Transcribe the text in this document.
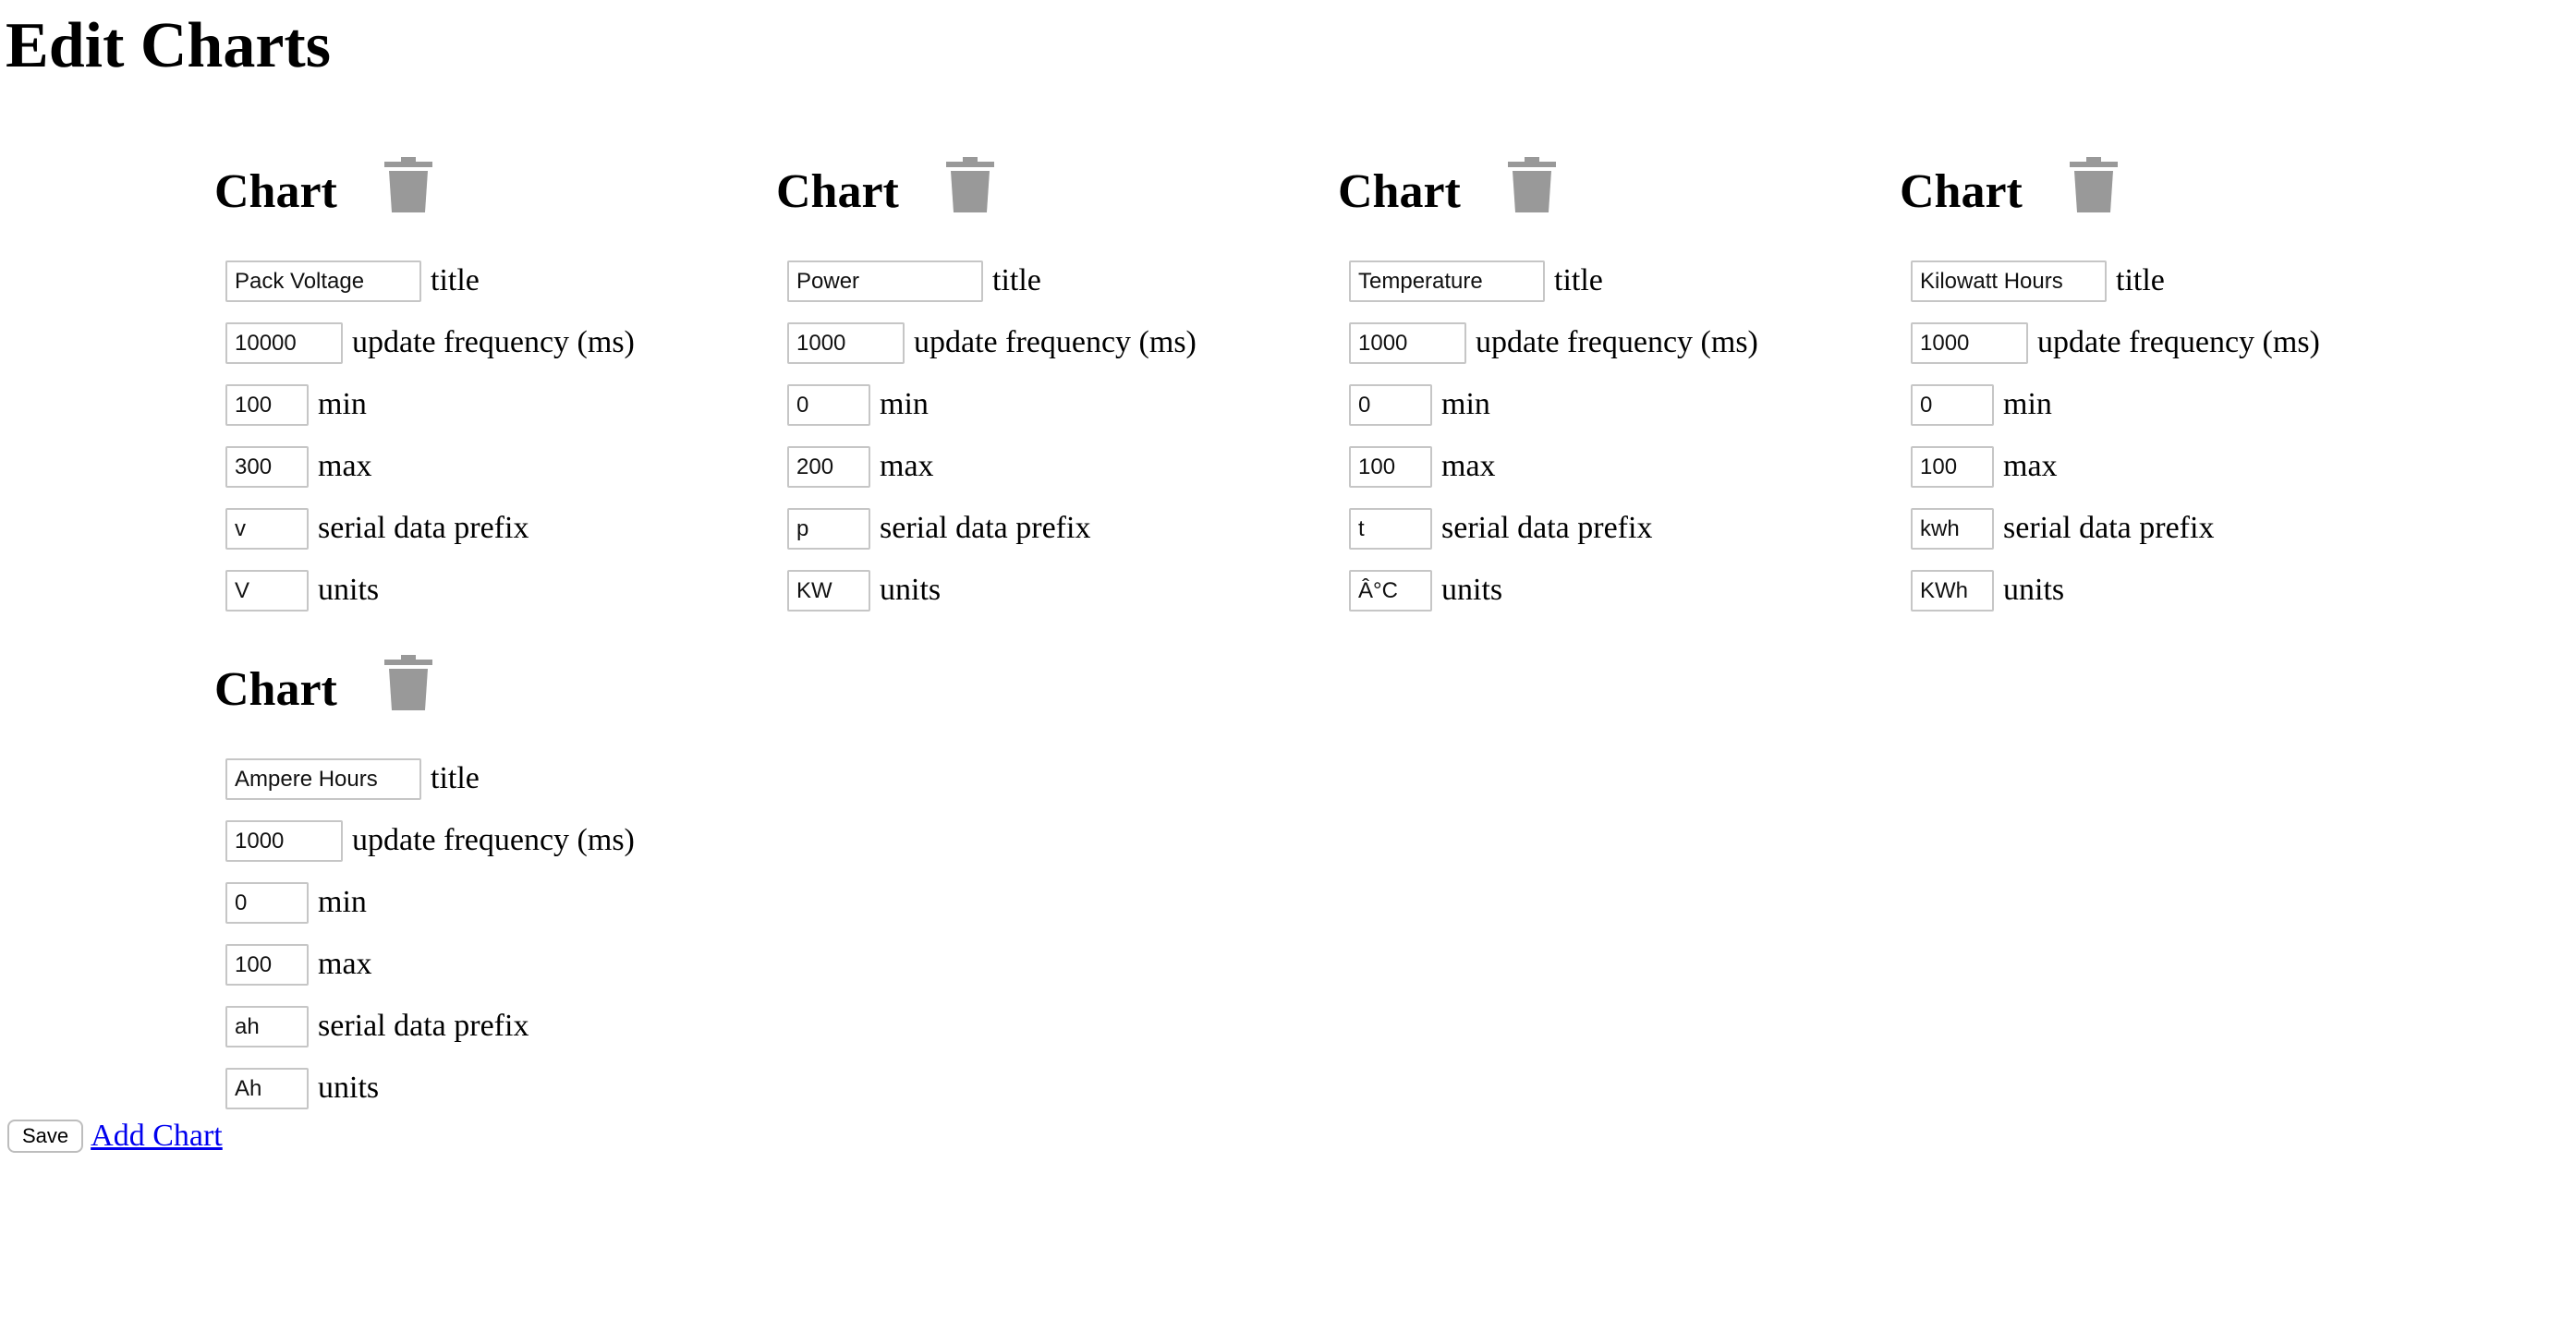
Edit Charts
Chart
Pack Voltage
title
10000
update frequency (ms)
100
min
300
max
v
serial data prefix
V
units
Chart
Power
title
1000
update frequency (ms)
0
min
200
max
p
serial data prefix
KW
units
Chart
Temperature
title
1000
update frequency (ms)
0
min
100
max
t
serial data prefix
Â°C
units
Chart
Kilowatt Hours
title
1000
update frequency (ms)
0
min
100
max
kwh
serial data prefix
KWh
units
Chart
Ampere Hours
title
1000
update frequency (ms)
0
min
100
max
ah
serial data prefix
Ah
units
Save Add Chart
